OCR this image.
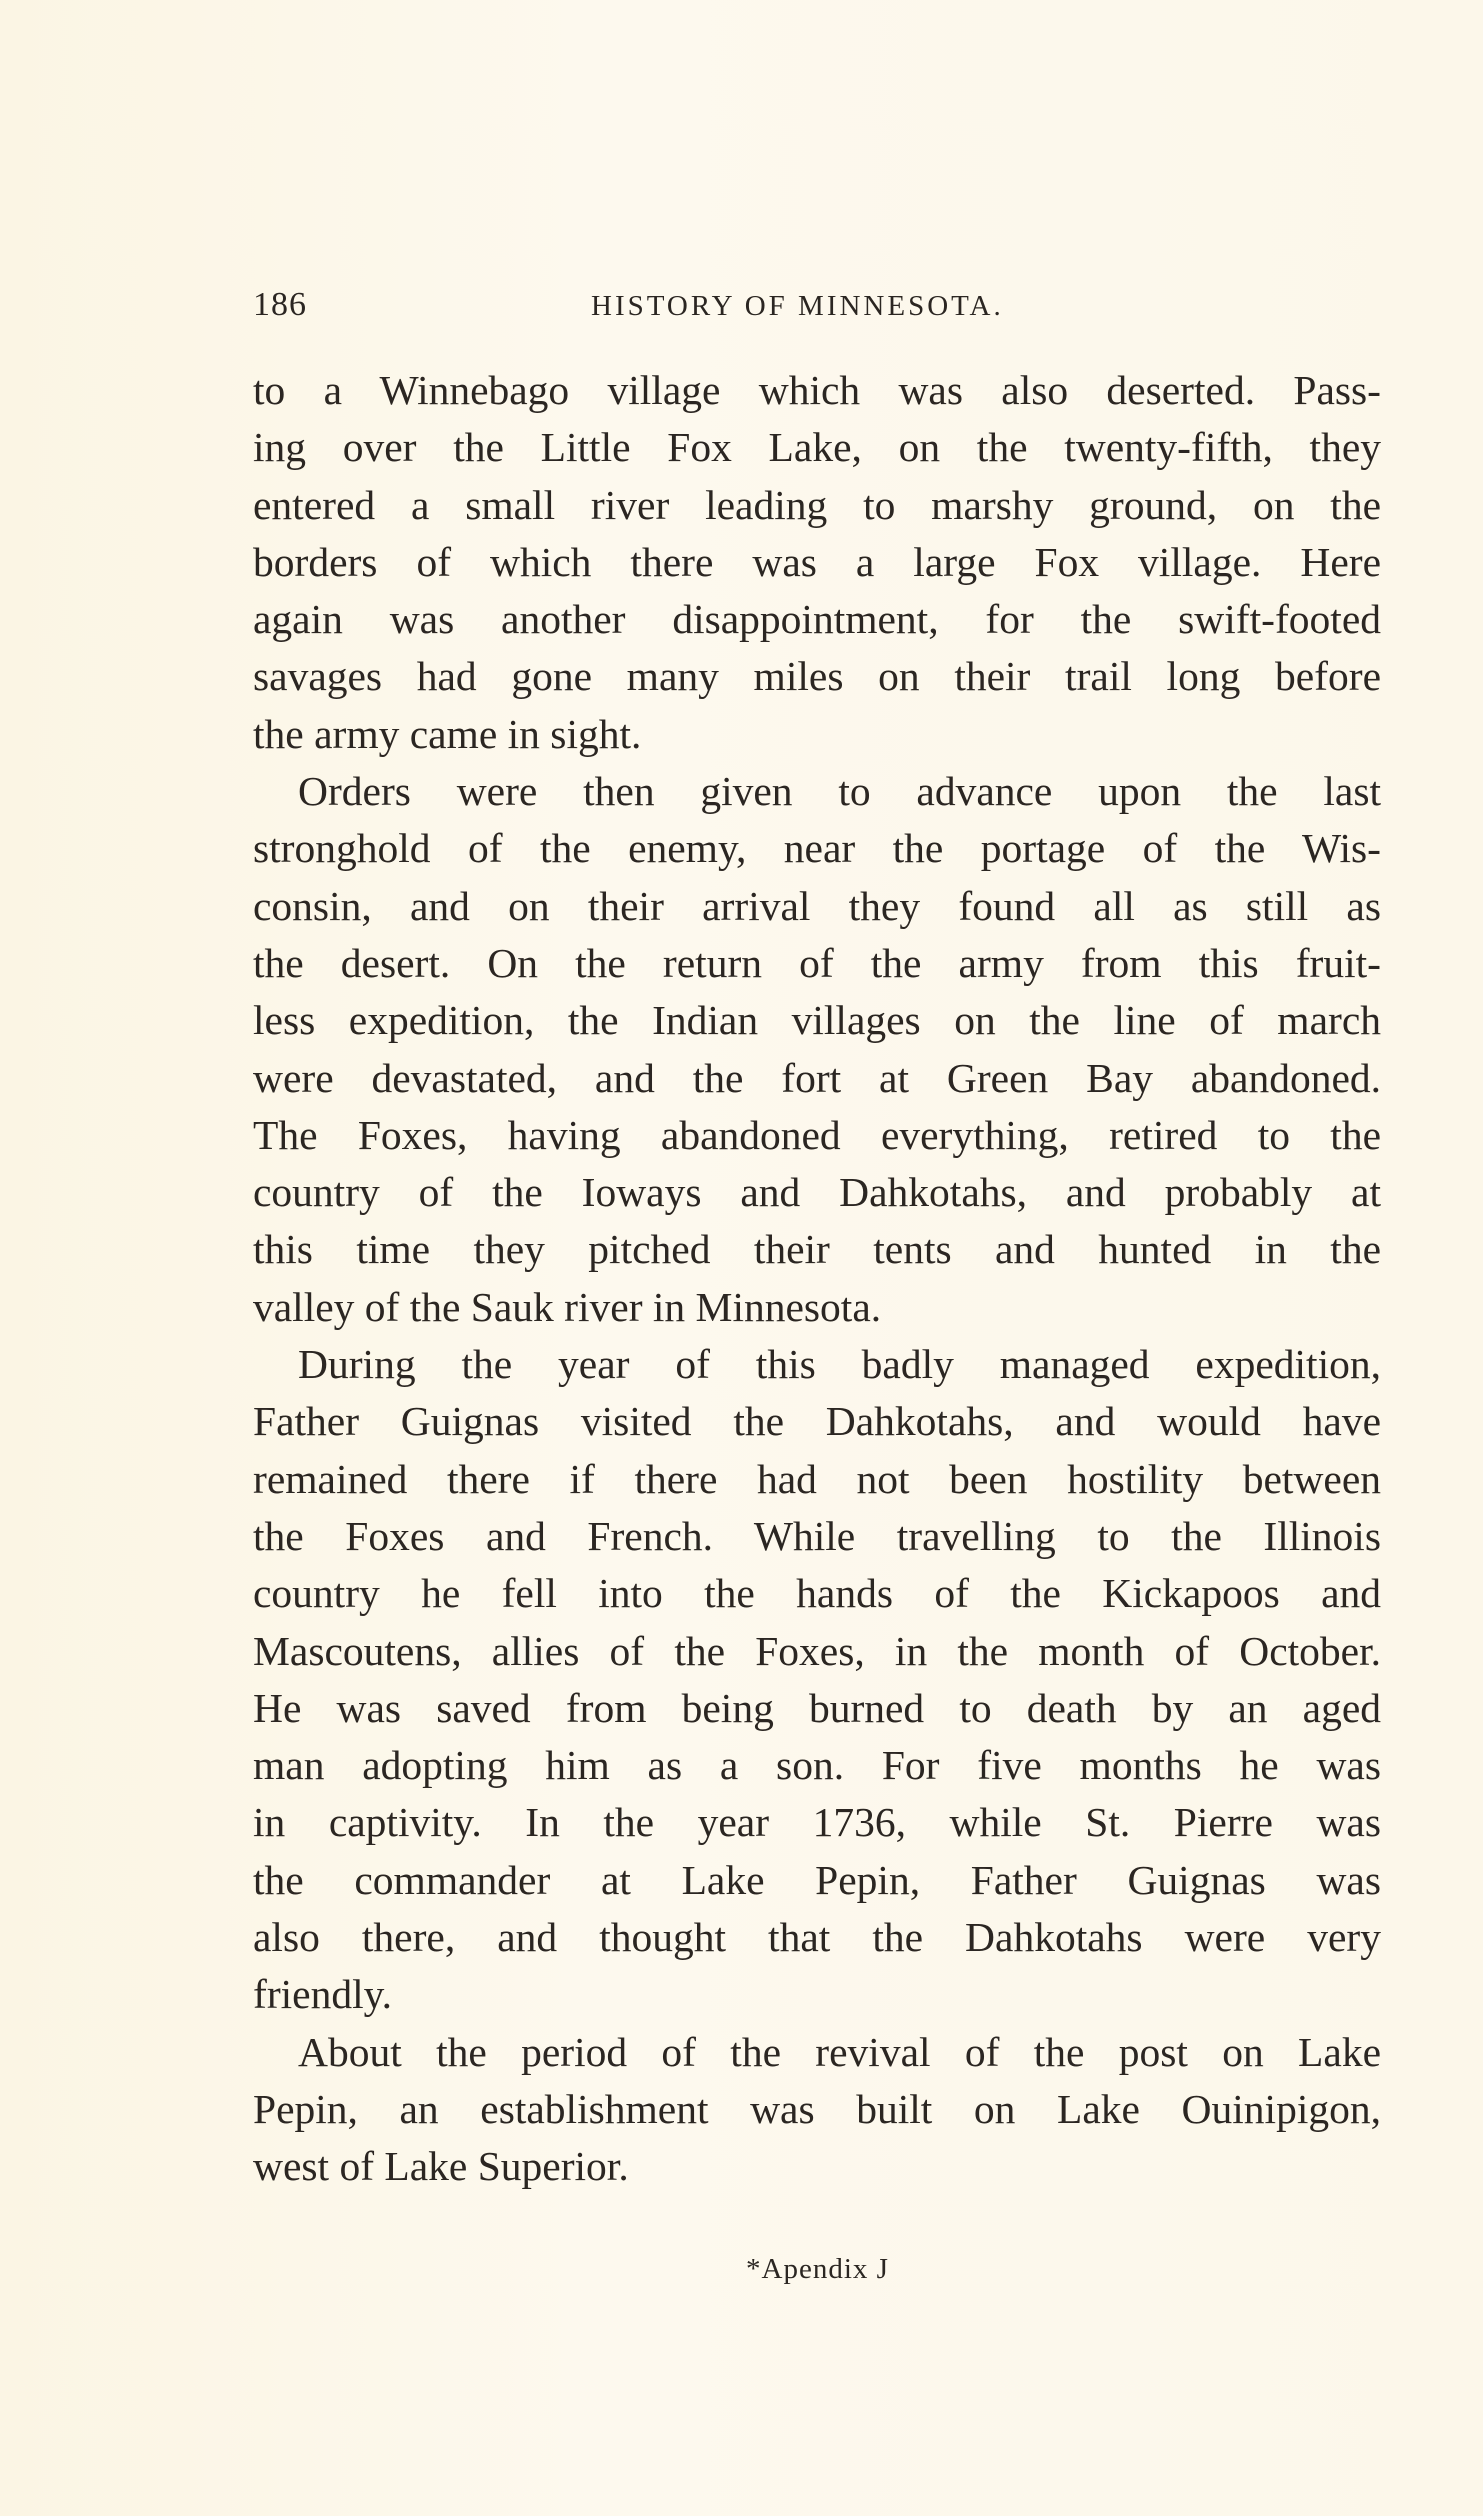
186	HISTORY OF MINNESOTA.
to a Winnebago village which was also deserted. Pass-
ing over the Little Fox Lake, on the twenty-fifth, they
entered a small river leading to marshy ground, on the
borders of which there was a large Fox village. Here
again was another disappointment, for the swift-footed
savages had gone many miles on their trail long before
the army came in sight.
Orders were then given to advance upon the last
stronghold of the enemy, near the portage of the Wis-
consin, and on their arrival they found all as still as
the desert. On the return of the army from this fruit-
less expedition, the Indian villages on the line of march
were devastated, and the fort at Green Bay abandoned.
The Foxes, having abandoned everything, retired to the
country of the Ioways and Dahkotahs, and probably at
this time they pitched their tents and hunted in the
valley of the Sauk river in Minnesota.
During the year of this badly managed expedition,
Father Guignas visited the Dahkotahs, and would have
remained there if there had not been hostility between
the Foxes and French. While travelling to the Illinois
country he fell into the hands of the Kickapoos and
Mascoutens, allies of the Foxes, in the month of October.
He was saved from being burned to death by an aged
man adopting him as a son. For five months he was
in captivity. In the year 1736, while St. Pierre was
the commander at Lake Pepin, Father Guignas was
also there, and thought that the Dahkotahs were very
friendly.
About the period of the revival of the post on Lake
Pepin, an establishment was built on Lake Ouinipigon,
west of Lake Superior.
*Apendix J
